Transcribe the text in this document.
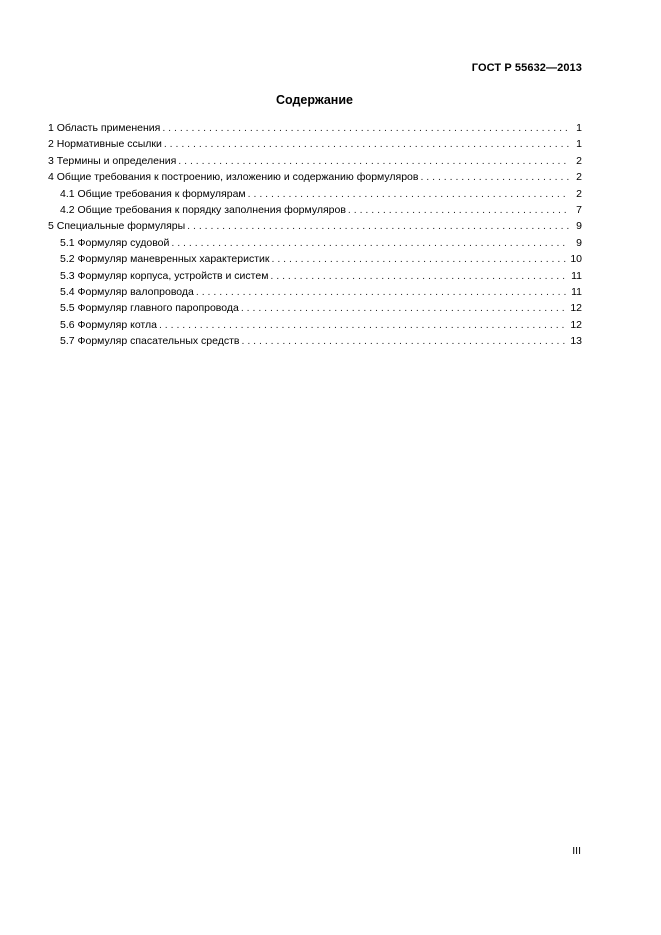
ГОСТ Р 55632—2013
Содержание
1 Область применения . . .	1
2 Нормативные ссылки . . .	1
3 Термины и определения . . .	2
4 Общие требования к построению, изложению и содержанию формуляров . . .	2
4.1 Общие требования к формулярам . . .	2
4.2 Общие требования к порядку заполнения формуляров . . .	7
5 Специальные формуляры . . .	9
5.1 Формуляр судовой . . .	9
5.2 Формуляр маневренных характеристик . . .	10
5.3 Формуляр корпуса, устройств и систем . . .	11
5.4 Формуляр валопровода . . .	11
5.5 Формуляр главного паропровода . . .	12
5.6 Формуляр котла . . .	12
5.7 Формуляр спасательных средств . . .	13
III
